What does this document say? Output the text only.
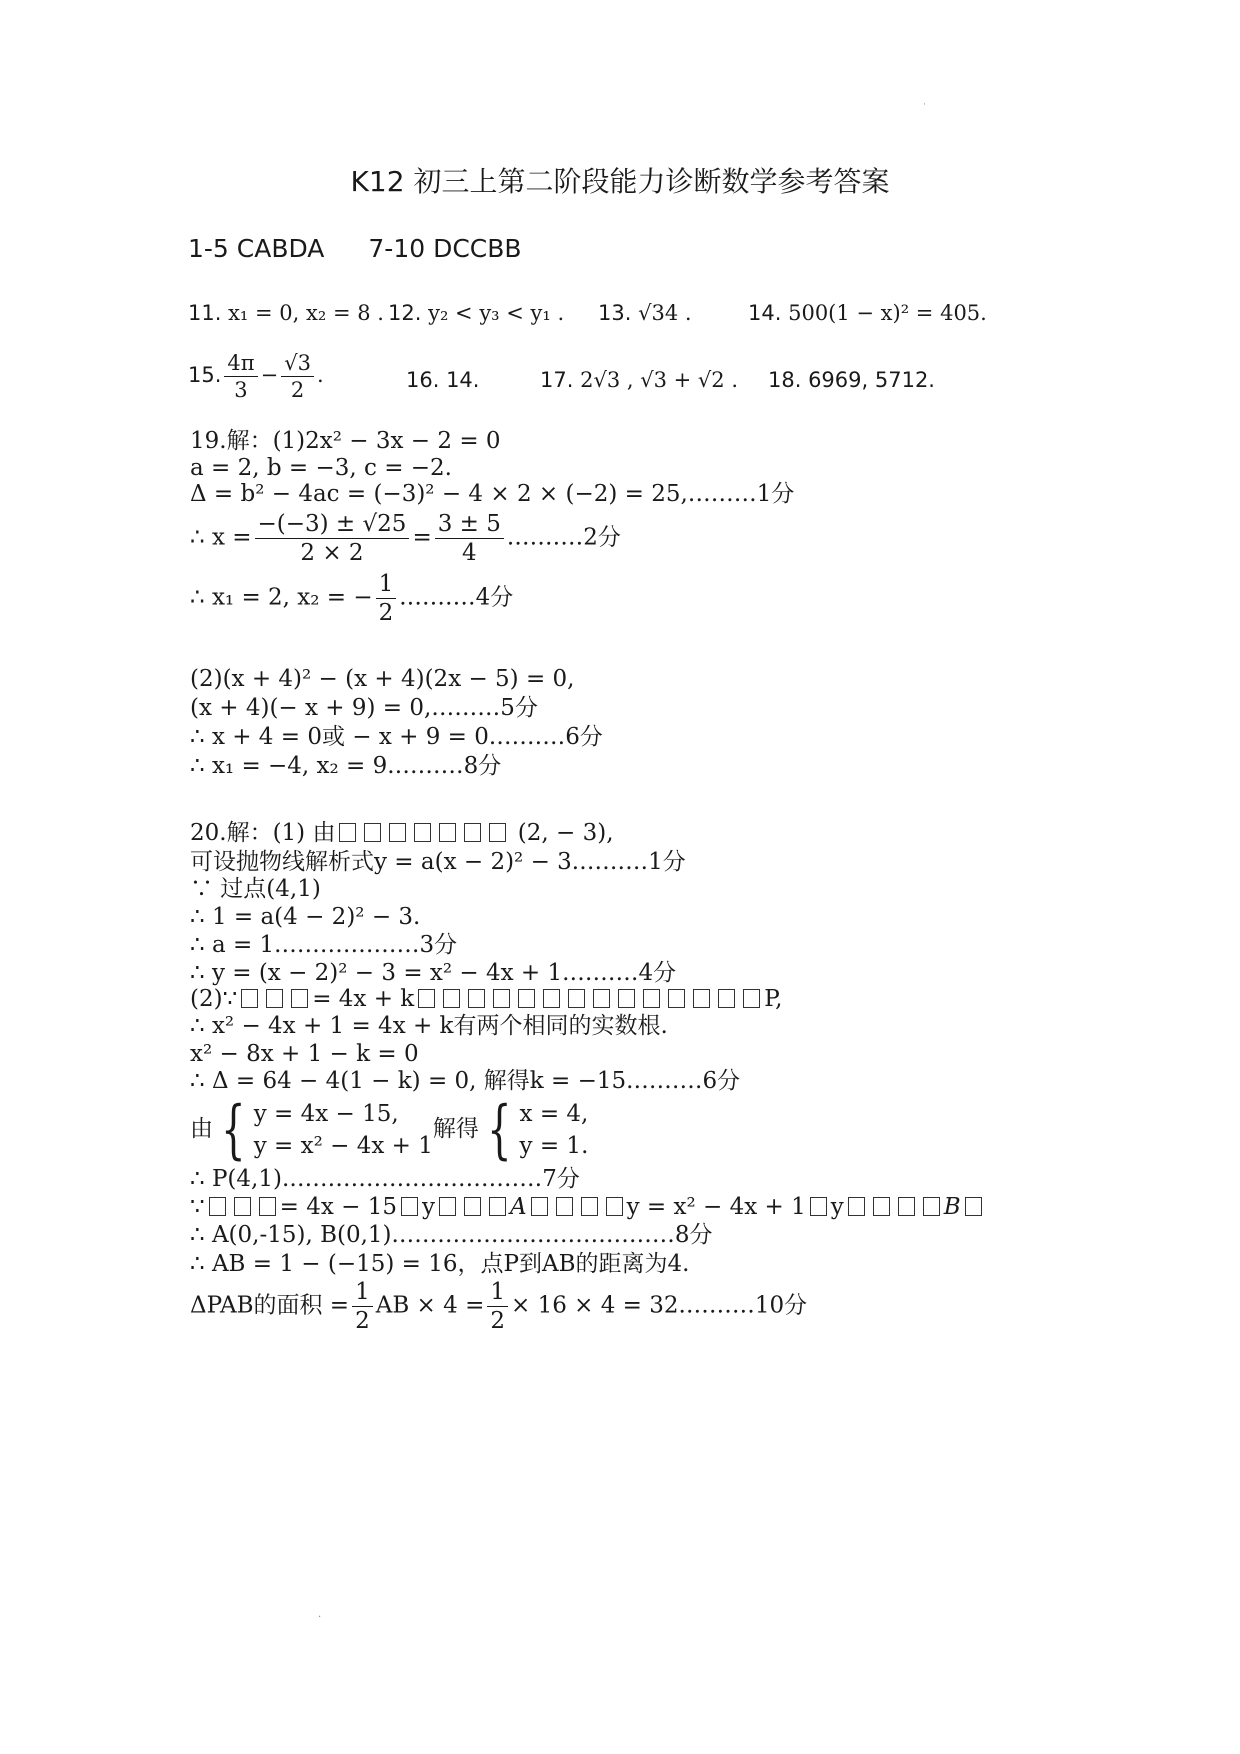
˙
K12 初三上第二阶段能力诊断数学参考答案
1-5 CABDA 7-10 DCCBB
11. x₁ = 0, x₂ = 8 . 12. y₂ < y₃ < y₁ . 13. √34 .	14. 500(1 − x)² = 405.
15. $\frac{4\pi}{3} - \frac{√3}{2}$ .	16. 14.	17. 2√3 , √3 + √2 . 18. 6969, 5712.
19.解：(1)2x² − 3x − 2 = 0
a = 2, b = −3, c = −2.
Δ = b² − 4ac = (−3)² − 4 × 2 × (−2) = 25,………1分
∴ $x = \frac{-(-3) \pm √25}{2 \times 2} = \frac{3 \pm 5}{4}$ .………2分
∴ x₁ = 2, x₂ = − $\frac{1}{2}$ .………4分
(2)(x + 4)² − (x + 4)(2x − 5) = 0,
(x + 4)(− x + 9) = 0,………5分
∴ x + 4 = 0或 − x + 9 = 0.………6分
∴ x₁ = −4, x₂ = 9.………8分
20.解：(1) 由	(2, − 3),
可设抛物线解析式y = a(x − 2)² − 3.………1分
∵ 过点(4,1)
∴ 1 = a(4 − 2)² − 3.
∴ a = 1.………………3分
∴ y = (x − 2)² − 3 = x² − 4x + 1.………4分
(2)∵	= 4x + k	P,
∴ x² − 4x + 1 = 4x + k有两个相同的实数根.
x² − 8x + 1 − k = 0
∴ Δ = 64 − 4(1 − k) = 0, 解得k = −15.………6分
由 { y = 4x − 15,
y = x² − 4x + 1
解得 { x = 4,
y = 1.
∴ P(4,1).……………………………7分
∵	= 4x − 15 y	A	y = x² − 4x + 1 y	B
∴ A(0,-15), B(0,1).………………………………8分
∴ AB = 1 − (−15) = 16，点P到AB的距离为4.
ΔPAB的面积 = $\frac{1}{2}$ AB × $4 = \frac{1}{2} \times 16 \times 4$ = 32.………10分
·
